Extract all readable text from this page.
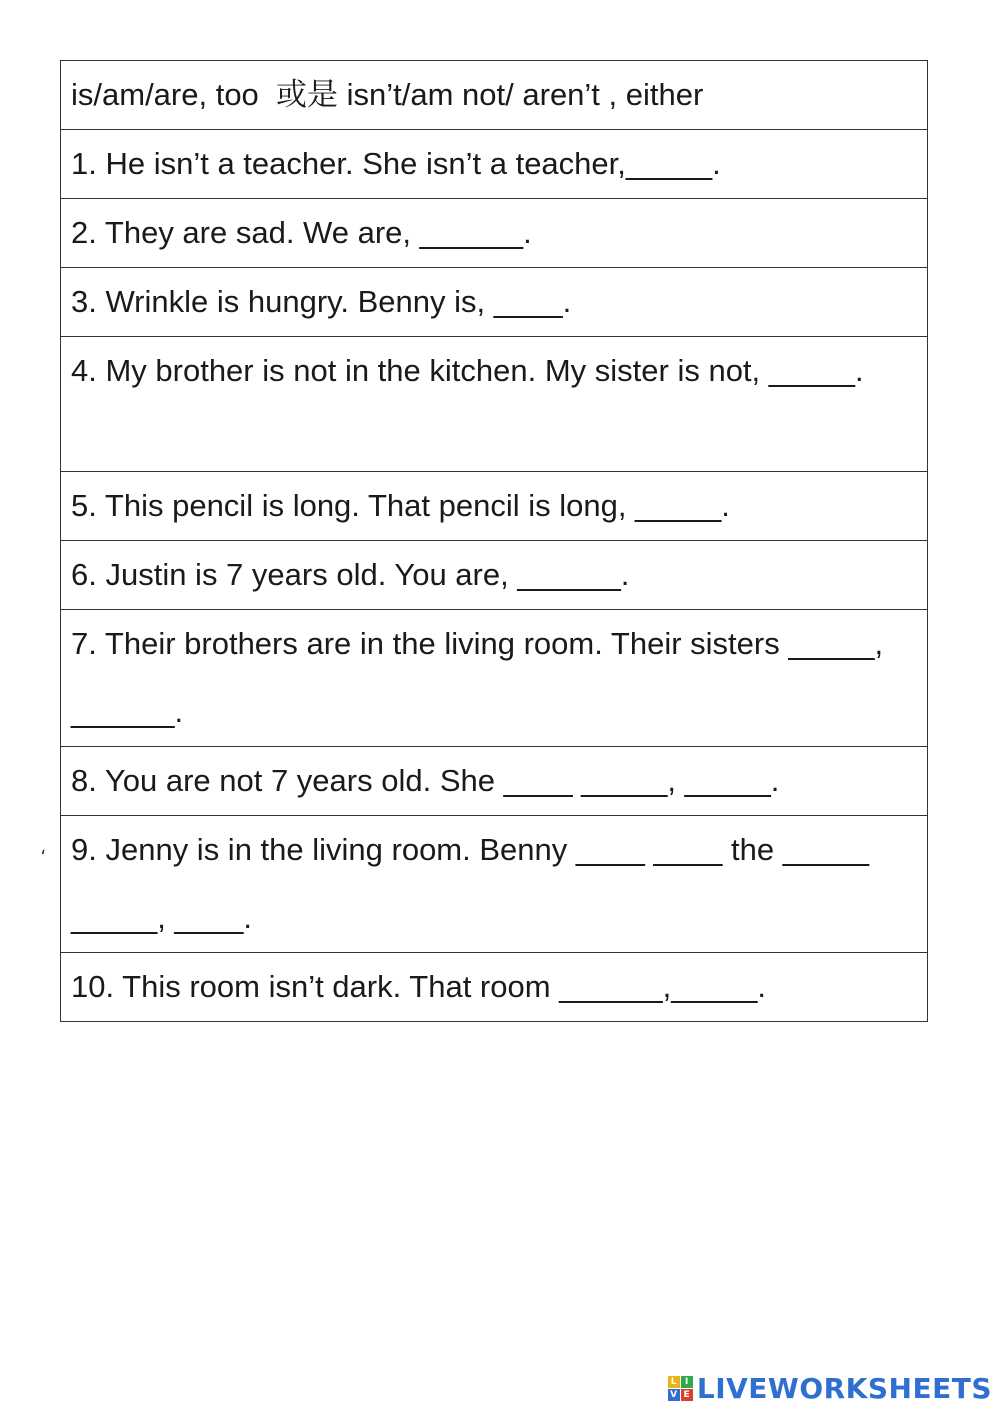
is/am/are, too  或是 isn’t/am not/ aren’t , either
1. He isn’t a teacher. She isn’t a teacher,_____.
2. They are sad. We are, ______.
3. Wrinkle is hungry. Benny is, ____.
4. My brother is not in the kitchen. My sister is not, _____.
5. This pencil is long. That pencil is long, _____.
6. Justin is 7 years old. You are, ______.
7. Their brothers are in the living room. Their sisters _____, ______.
8. You are not 7 years old. She ____ _____, _____.
9. Jenny is in the living room. Benny ____ ____ the _____ _____, ____.
10. This room isn’t dark. That room ______,_____.
،
L I
V E LIVEWORKSHEETS
